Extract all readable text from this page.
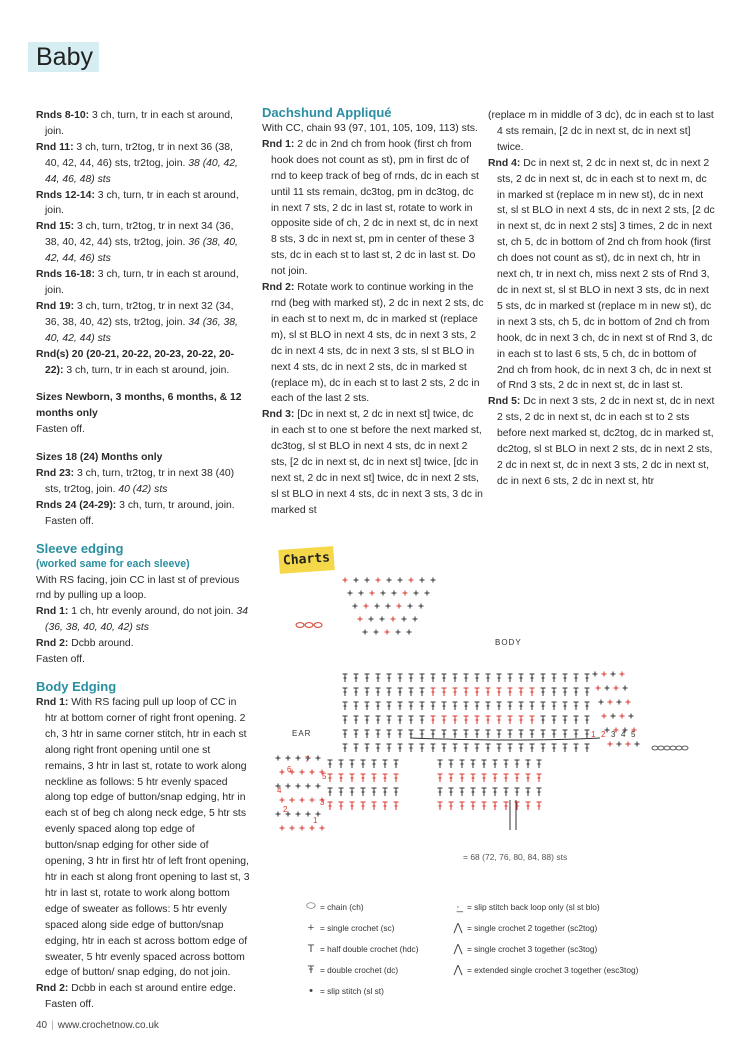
Baby
Rnds 8-10: 3 ch, turn, tr in each st around, join.
Rnd 11: 3 ch, turn, tr2tog, tr in next 36 (38, 40, 42, 44, 46) sts, tr2tog, join. 38 (40, 42, 44, 46, 48) sts
Rnds 12-14: 3 ch, turn, tr in each st around, join.
Rnd 15: 3 ch, turn, tr2tog, tr in next 34 (36, 38, 40, 42, 44) sts, tr2tog, join. 36 (38, 40, 42, 44, 46) sts
Rnds 16-18: 3 ch, turn, tr in each st around, join.
Rnd 19: 3 ch, turn, tr2tog, tr in next 32 (34, 36, 38, 40, 42) sts, tr2tog, join. 34 (36, 38, 40, 42, 44) sts
Rnd(s) 20 (20-21, 20-22, 20-23, 20-22, 20-22): 3 ch, turn, tr in each st around, join.
Sizes Newborn, 3 months, 6 months, & 12 months only
Fasten off.
Sizes 18 (24) Months only
Rnd 23: 3 ch, turn, tr2tog, tr in next 38 (40) sts, tr2tog, join. 40 (42) sts
Rnds 24 (24-29): 3 ch, turn, tr around, join. Fasten off.
Sleeve edging
(worked same for each sleeve)
With RS facing, join CC in last st of previous rnd by pulling up a loop.
Rnd 1: 1 ch, htr evenly around, do not join. 34 (36, 38, 40, 40, 42) sts
Rnd 2: Dcbb around.
Fasten off.
Body Edging
Rnd 1: With RS facing pull up loop of CC in htr at bottom corner of right front opening. 2 ch, 3 htr in same corner stitch, htr in each st along right front opening until one st remains, 3 htr in last st, rotate to work along neckline as follows: 5 htr evenly spaced along top edge of button/snap edging, htr in each st of beg ch along neck edge, 5 htr sts evenly spaced along top edge of button/snap edging for other side of opening, 3 htr in first htr of left front opening, htr in each st along front opening to last st, 3 htr in last st, rotate to work along bottom edge of sweater as follows: 5 htr evenly spaced along side edge of button/snap edging, htr in each st across bottom edge of sweater, 5 htr evenly spaced across bottom edge of button/ snap edging, do not join.
Rnd 2: Dcbb in each st around entire edge. Fasten off.
Dachshund Appliqué
With CC, chain 93 (97, 101, 105, 109, 113) sts.
Rnd 1: 2 dc in 2nd ch from hook (first ch from hook does not count as st), pm in first dc of rnd to keep track of beg of rnds, dc in each st until 11 sts remain, dc3tog, pm in dc3tog, dc in next 7 sts, 2 dc in last st, rotate to work in opposite side of ch, 2 dc in next st, dc in next 8 sts, 3 dc in next st, pm in center of these 3 sts, dc in each st to last st, 2 dc in last st. Do not join.
Rnd 2: Rotate work to continue working in the rnd (beg with marked st), 2 dc in next 2 sts, dc in each st to next m, dc in marked st (replace m), sl st BLO in next 4 sts, dc in next 3 sts, 2 dc in next 4 sts, dc in next 3 sts, sl st BLO in next 4 sts, dc in next 2 sts, dc in marked st (replace m), dc in each st to last 2 sts, 2 dc in each of the last 2 sts.
Rnd 3: [Dc in next st, 2 dc in next st] twice, dc in each st to one st before the next marked st, dc3tog, sl st BLO in next 4 sts, dc in next 2 sts, [2 dc in next st, dc in next st] twice, [dc in next st, 2 dc in next st] twice, dc in next 2 sts, sl st BLO in next 4 sts, dc in next 3 sts, 3 dc in marked st
(replace m in middle of 3 dc), dc in each st to last 4 sts remain, [2 dc in next st, dc in next st] twice.
Rnd 4: Dc in next st, 2 dc in next st, dc in next 2 sts, 2 dc in next st, dc in each st to next m, dc in marked st (replace m in new st), dc in next st, sl st BLO in next 4 sts, dc in next 2 sts, [2 dc in next st, dc in next 2 sts] 3 times, 2 dc in next st, ch 5, dc in bottom of 2nd ch from hook (first ch does not count as st), dc in next ch, htr in next ch, tr in next ch, miss next 2 sts of Rnd 3, dc in next st, sl st BLO in next 3 sts, dc in next 5 sts, dc in marked st (replace m in new st), dc in next 3 sts, ch 5, dc in bottom of 2nd ch from hook, dc in next 3 ch, dc in next st of Rnd 3, dc in each st to last 6 sts, 5 ch, dc in bottom of 2nd ch from hook, dc in next 3 ch, dc in next st of Rnd 3 sts, 2 dc in next st, dc in last st.
Rnd 5: Dc in next 3 sts, 2 dc in next st, dc in next 2 sts, 2 dc in next st, dc in each st to 2 sts before next marked st, dc2tog, dc in marked st, dc2tog, sl st BLO in next 2 sts, dc in next 2 sts, 2 dc in next st, dc in next 3 sts, 2 dc in next st, dc in next 6 sts, 2 dc in next st, htr
Charts
BODY
EAR
6
7
5
4
3
2
1
1 2 3 4 5
= 68 (72, 76, 80, 84, 88) sts
⬭ = chain (ch)
+ = single crochet (sc)
T = half double crochet (hdc)
Ŧ = double crochet (dc)
• = slip stitch (sl st)
·̲ = slip stitch back loop only (sl st blo)
⋀ = single crochet 2 together (sc2tog)
⋀ = single crochet 3 together (sc3tog)
⋀ = extended single crochet 3 together (esc3tog)
40 | www.crochetnow.co.uk
